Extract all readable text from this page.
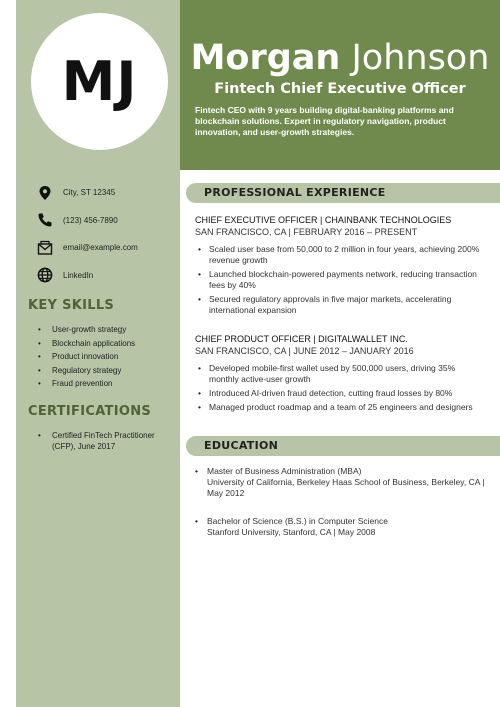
MJ Morgan Johnson
Fintech Chief Executive Officer
Fintech CEO with 9 years building digital-banking platforms and blockchain solutions. Expert in regulatory navigation, product innovation, and user-growth strategies.
City, ST 12345
(123) 456-7890
email@example.com
LinkedIn
KEY SKILLS
• User-growth strategy
• Blockchain applications
• Product innovation
• Regulatory strategy
• Fraud prevention
CERTIFICATIONS
• Certified FinTech Practitioner (CFP), June 2017
PROFESSIONAL EXPERIENCE
CHIEF EXECUTIVE OFFICER | CHAINBANK TECHNOLOGIES
SAN FRANCISCO, CA | FEBRUARY 2016 – PRESENT
• Scaled user base from 50,000 to 2 million in four years, achieving 200% revenue growth
• Launched blockchain-powered payments network, reducing transaction fees by 40%
• Secured regulatory approvals in five major markets, accelerating international expansion
CHIEF PRODUCT OFFICER | DIGITALWALLET INC.
SAN FRANCISCO, CA | JUNE 2012 – JANUARY 2016
• Developed mobile-first wallet used by 500,000 users, driving 35% monthly active-user growth
• Introduced AI-driven fraud detection, cutting fraud losses by 80%
• Managed product roadmap and a team of 25 engineers and designers
EDUCATION
• Master of Business Administration (MBA)
University of California, Berkeley Haas School of Business, Berkeley, CA | May 2012
• Bachelor of Science (B.S.) in Computer Science
Stanford University, Stanford, CA | May 2008
